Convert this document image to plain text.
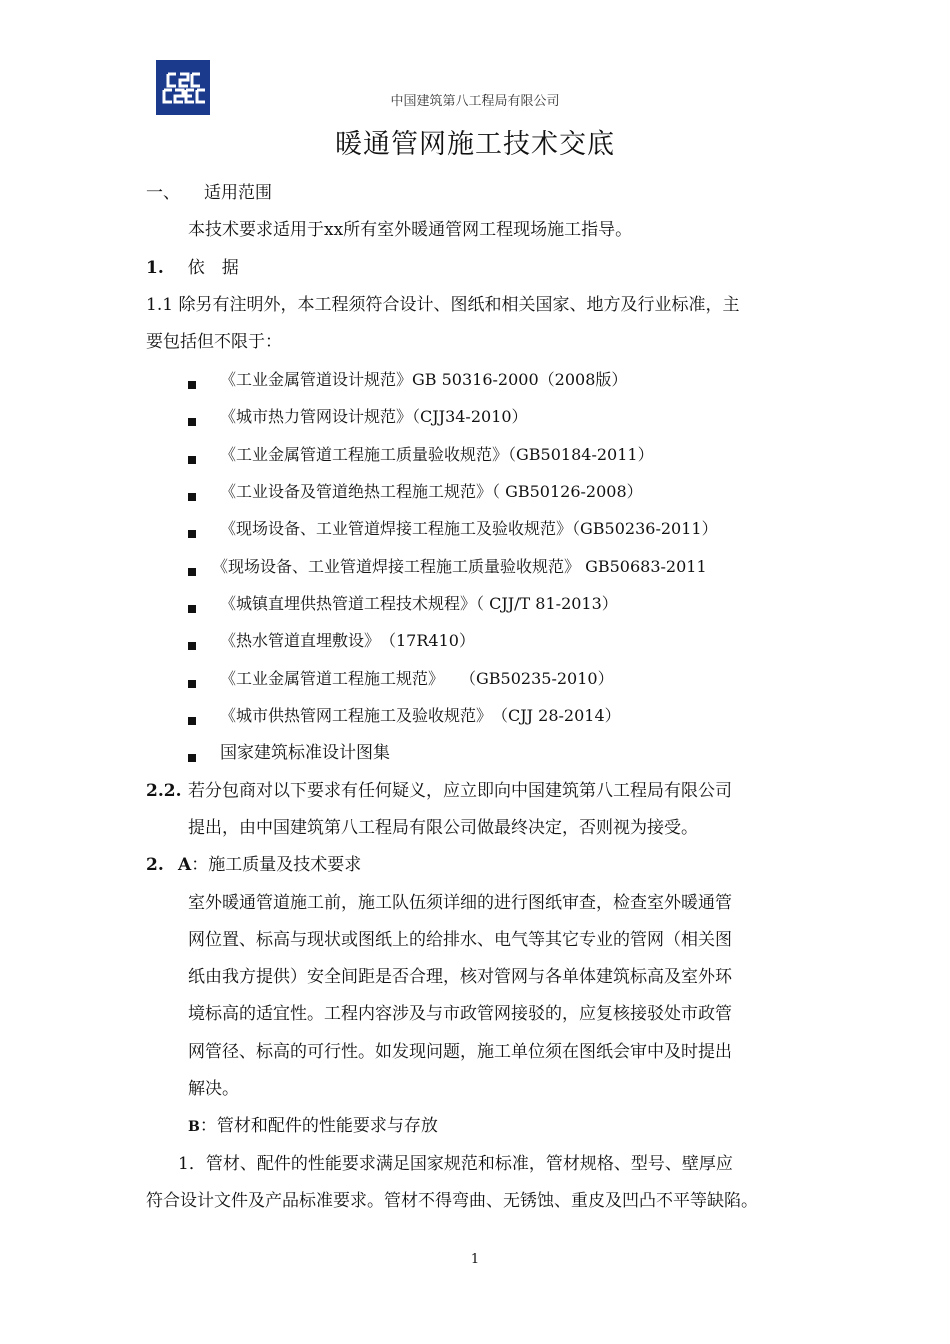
中国建筑第八工程局有限公司
暖通管网施工技术交底
一、 适用范围
本技术要求适用于xx所有室外暖通管网工程现场施工指导。
1. 依　据
1.1 除另有注明外，本工程须符合设计、图纸和相关国家、地方及行业标准，主
要包括但不限于：
《工业金属管道设计规范》GB 50316-2000（2008版）
《城市热力管网设计规范》（CJJ34-2010）
《工业金属管道工程施工质量验收规范》（GB50184-2011）
《工业设备及管道绝热工程施工规范》（ GB50126-2008）
《现场设备、工业管道焊接工程施工及验收规范》（GB50236-2011）
《现场设备、工业管道焊接工程施工质量验收规范》 GB50683-2011
《城镇直埋供热管道工程技术规程》（ CJJ/T 81-2013）
《热水管道直埋敷设》　（17R410）
《工业金属管道工程施工规范》　　（GB50235-2010）
《城市供热管网工程施工及验收规范》　（CJJ 28-2014）
国家建筑标准设计图集
2.2. 若分包商对以下要求有任何疑义，应立即向中国建筑第八工程局有限公司
提出，由中国建筑第八工程局有限公司做最终决定，否则视为接受。
2. A：施工质量及技术要求
室外暖通管道施工前，施工队伍须详细的进行图纸审查，检查室外暖通管
网位置、标高与现状或图纸上的给排水、电气等其它专业的管网（相关图
纸由我方提供）安全间距是否合理，核对管网与各单体建筑标高及室外环
境标高的适宜性。工程内容涉及与市政管网接驳的，应复核接驳处市政管
网管径、标高的可行性。如发现问题，施工单位须在图纸会审中及时提出
解决。
B：管材和配件的性能要求与存放
1．管材、配件的性能要求满足国家规范和标准，管材规格、型号、壁厚应
符合设计文件及产品标准要求。管材不得弯曲、无锈蚀、重皮及凹凸不平等缺陷。
1
